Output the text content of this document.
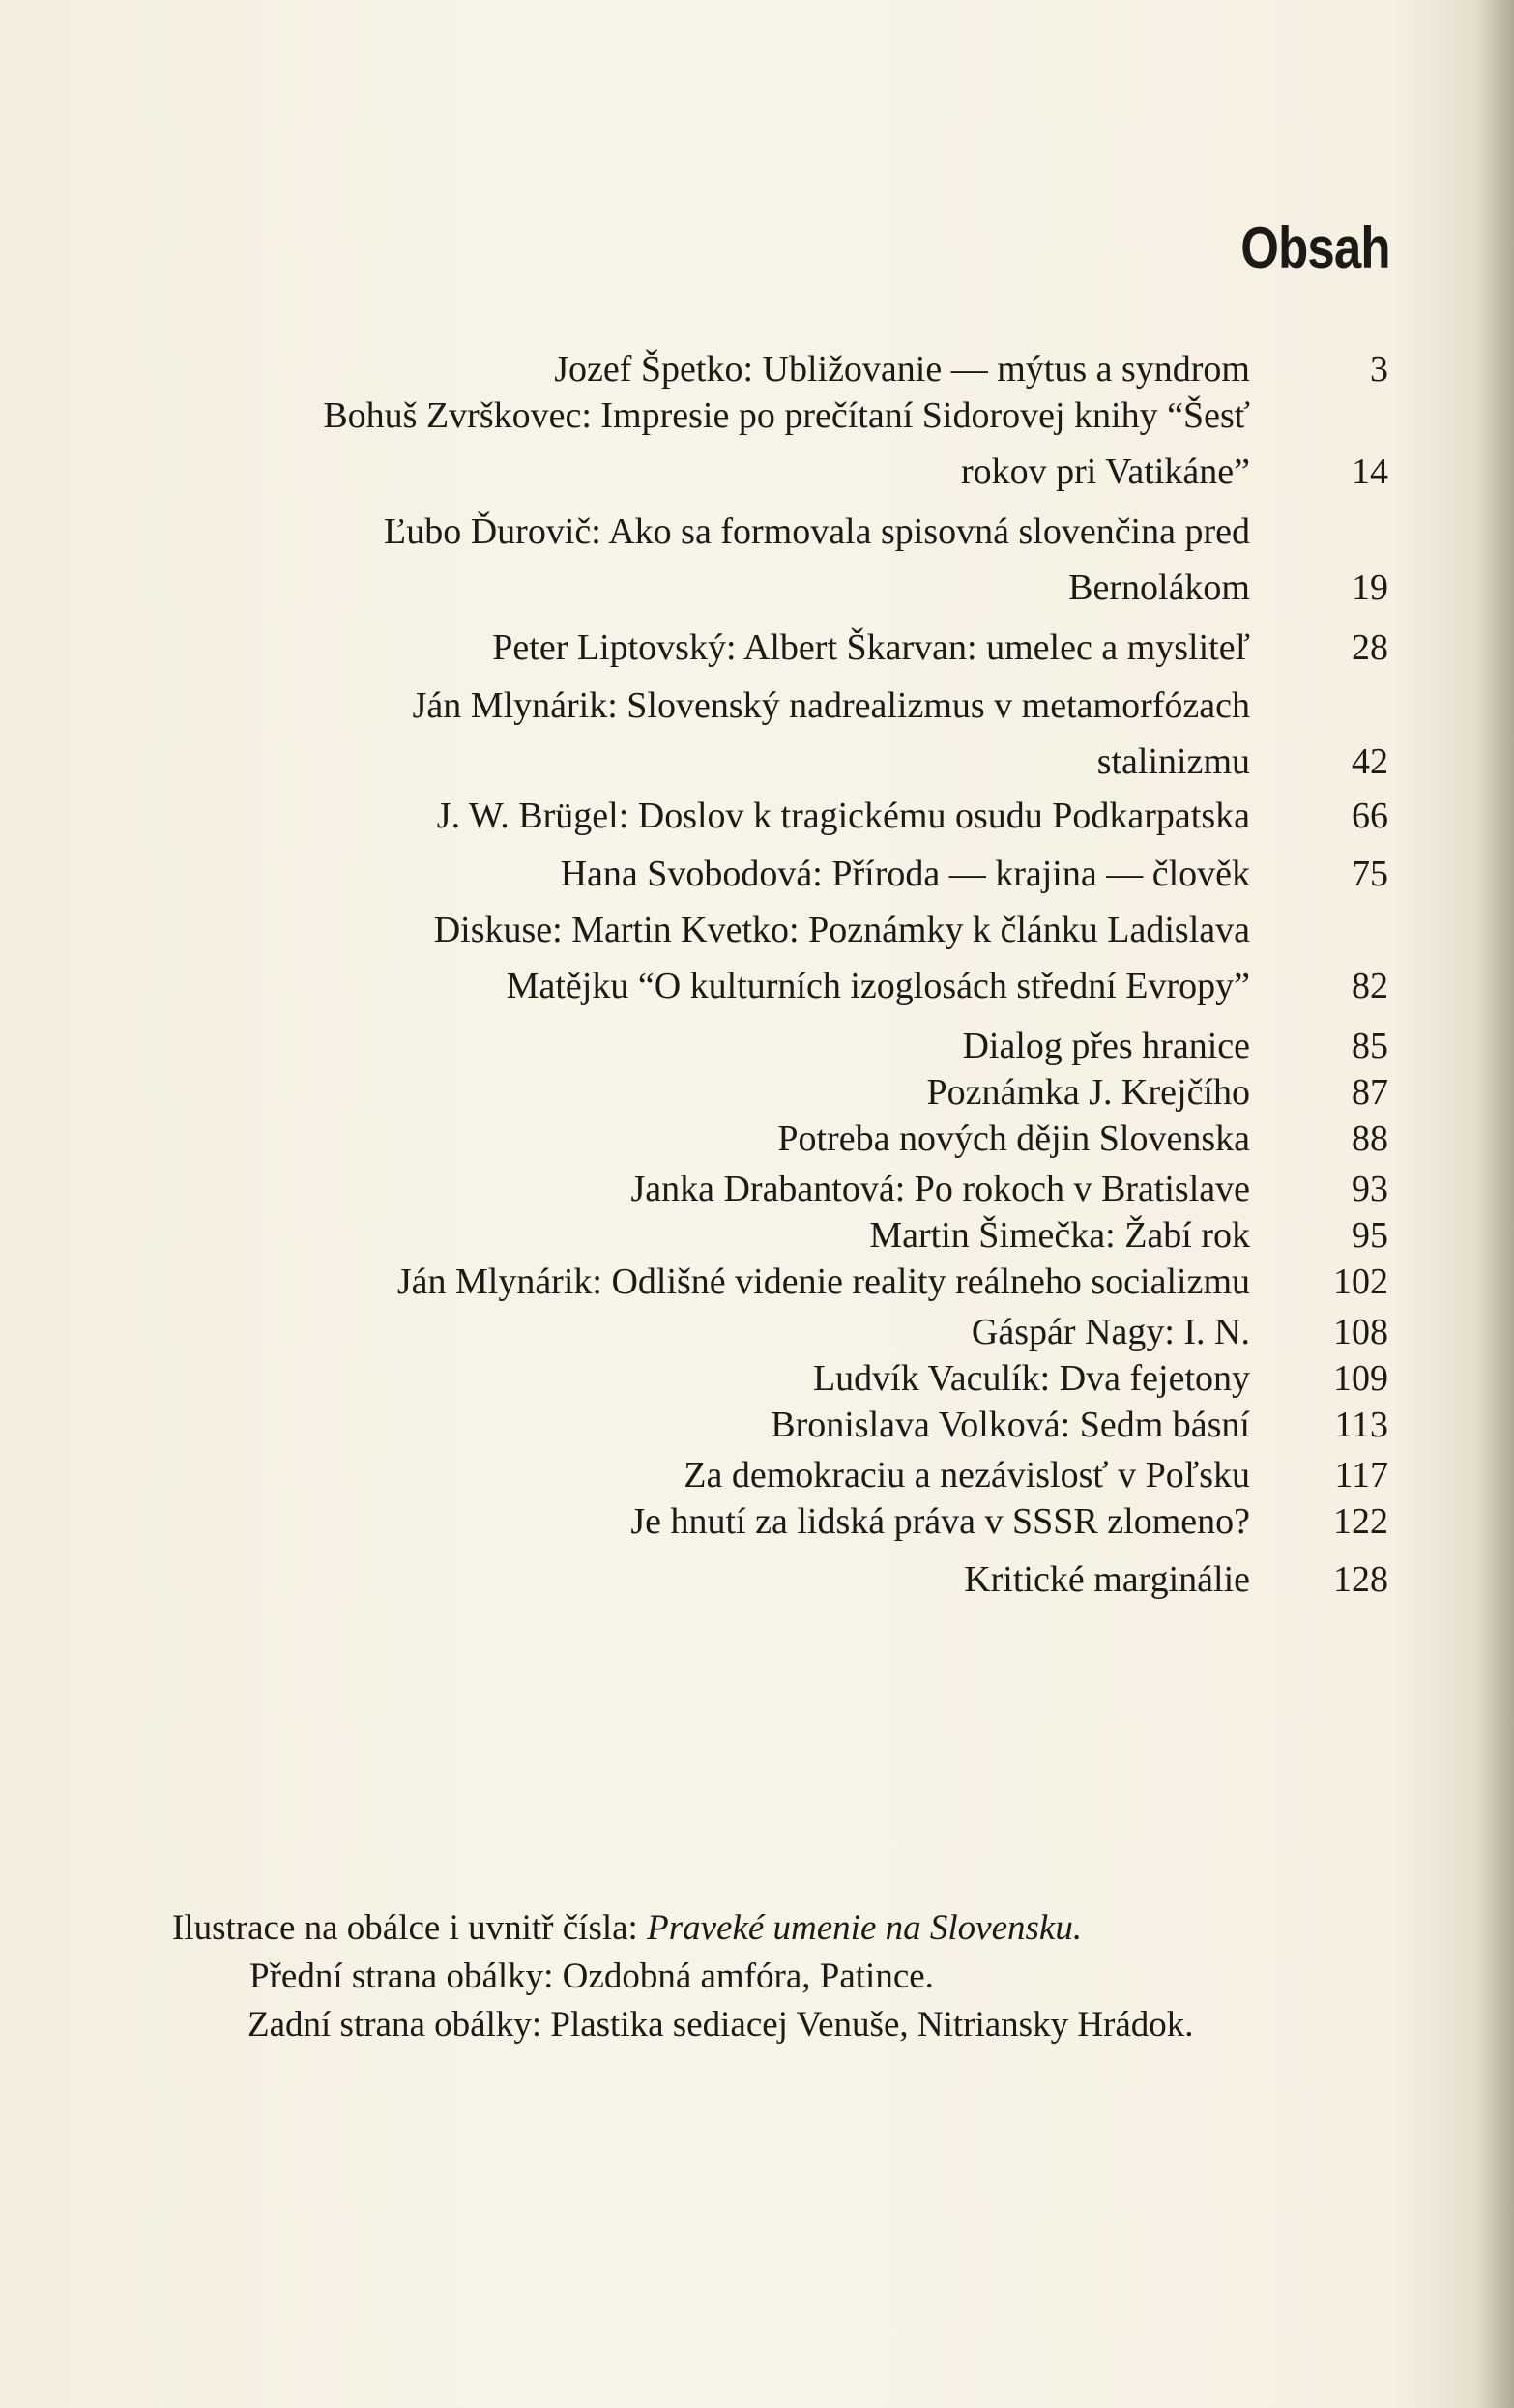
Obsah
Jozef Špetko: Ubližovanie — mýtus a syndrom	3
Bohuš Zvrškovec: Impresie po prečítaní Sidorovej knihy “Šesť
rokov pri Vatikáne”	14
Ľubo Ďurovič: Ako sa formovala spisovná slovenčina pred
Bernolákom	19
Peter Liptovský: Albert Škarvan: umelec a mysliteľ	28
Ján Mlynárik: Slovenský nadrealizmus v metamorfózach
stalinizmu	42
J. W. Brügel: Doslov k tragickému osudu Podkarpatska	66
Hana Svobodová: Příroda — krajina — člověk	75
Diskuse: Martin Kvetko: Poznámky k článku Ladislava
Matějku “O kulturních izoglosách střední Evropy”	82
Dialog přes hranice	85
Poznámka J. Krejčího	87
Potreba nových dějin Slovenska	88
Janka Drabantová: Po rokoch v Bratislave	93
Martin Šimečka: Žabí rok	95
Ján Mlynárik: Odlišné videnie reality reálneho socializmu 102
Gáspár Nagy: I. N. 108
Ludvík Vaculík: Dva fejetony 109
Bronislava Volková: Sedm básní 113
Za demokraciu a nezávislosť v Poľsku 117
Je hnutí za lidská práva v SSSR zlomeno? 122
Kritické marginálie 128
Ilustrace na obálce i uvnitř čísla: Praveké umenie na Slovensku.
Přední strana obálky: Ozdobná amfóra, Patince.
Zadní strana obálky: Plastika sediacej Venuše, Nitriansky Hrádok.
